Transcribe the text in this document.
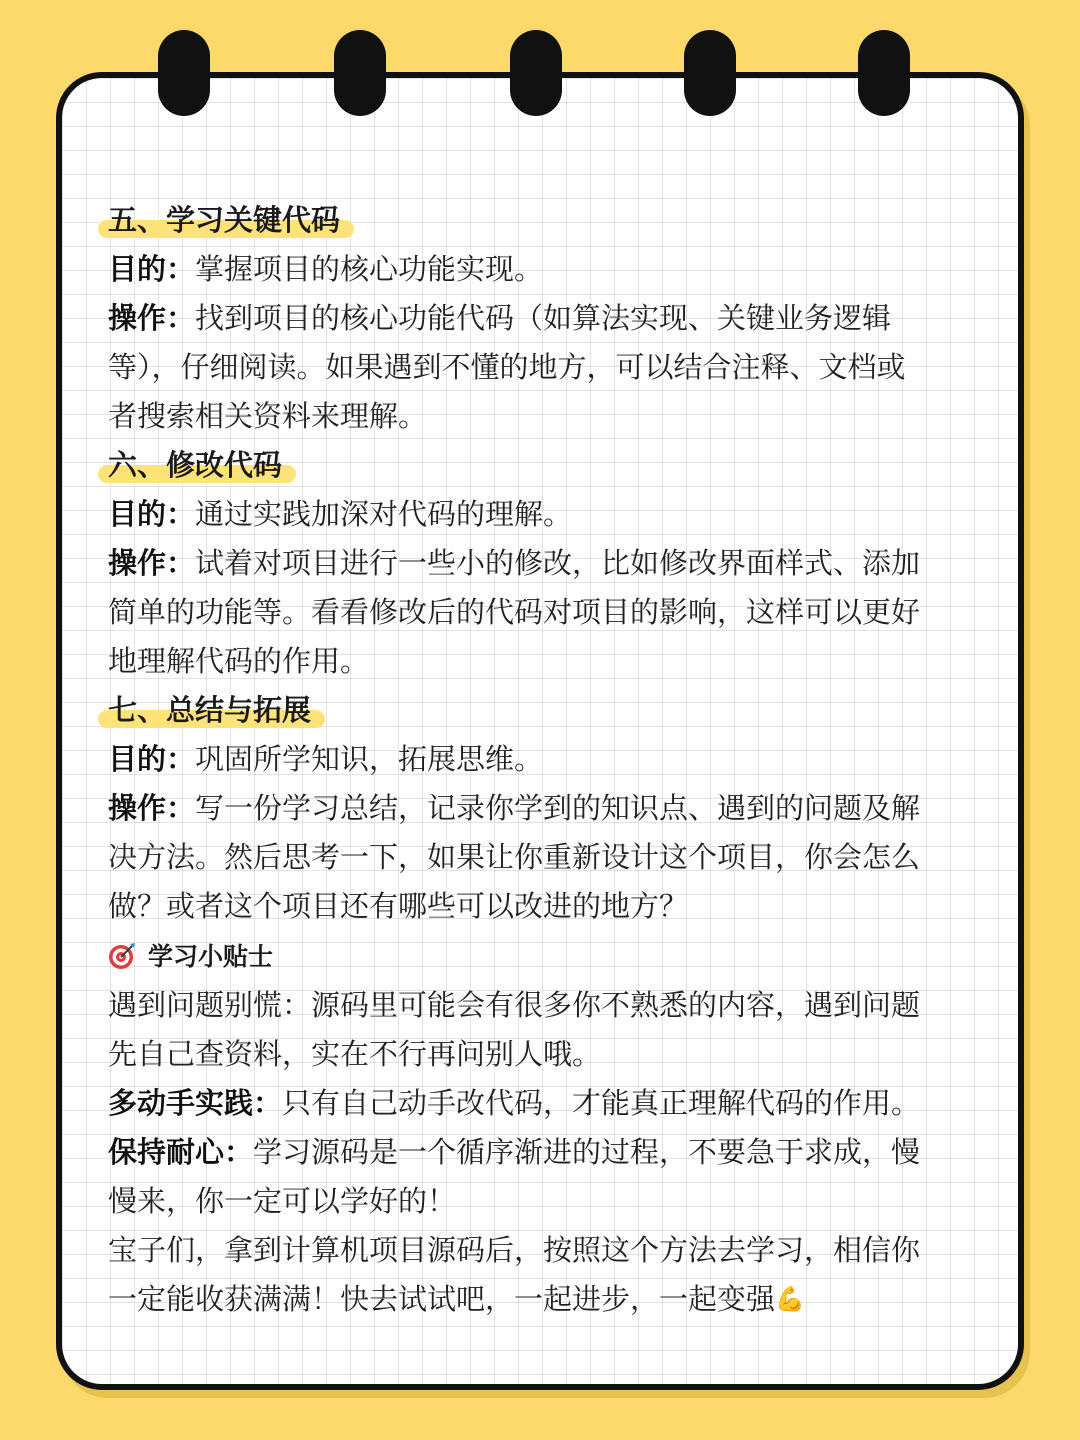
五、学习关键代码

目的：掌握项目的核心功能实现。

操作：找到项目的核心功能代码（如算法实现、关键业务逻辑

等），仔细阅读。如果遇到不懂的地方，可以结合注释、文档或

者搜索相关资料来理解。

六、修改代码

目的：通过实践加深对代码的理解。

操作：试着对项目进行一些小的修改，比如修改界面样式、添加

简单的功能等。看看修改后的代码对项目的影响，这样可以更好

地理解代码的作用。

七、总结与拓展

目的：巩固所学知识，拓展思维。

操作：写一份学习总结，记录你学到的知识点、遇到的问题及解

决方法。然后思考一下，如果让你重新设计这个项目，你会怎么

做？或者这个项目还有哪些可以改进的地方？

学习小贴士

遇到问题别慌：源码里可能会有很多你不熟悉的内容，遇到问题

先自己查资料，实在不行再问别人哦。

多动手实践：只有自己动手改代码，才能真正理解代码的作用。

保持耐心：学习源码是一个循序渐进的过程，不要急于求成，慢

慢来，你一定可以学好的！

宝子们，拿到计算机项目源码后，按照这个方法去学习，相信你

一定能收获满满！快去试试吧，一起进步，一起变强💪
